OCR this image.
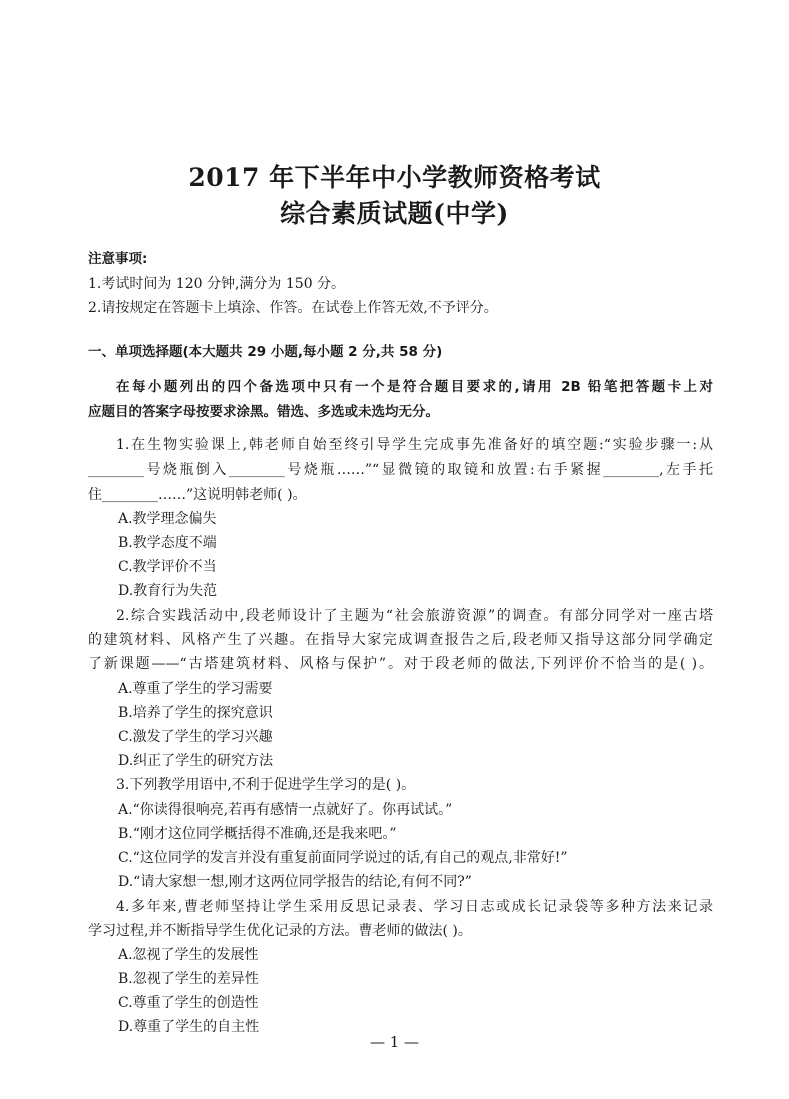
2017 年下半年中小学教师资格考试
综合素质试题(中学)
注意事项:
1.考试时间为 120 分钟,满分为 150 分。
2.请按规定在答题卡上填涂、作答。在试卷上作答无效,不予评分。
一、单项选择题(本大题共 29 小题,每小题 2 分,共 58 分)
在每小题列出的四个备选项中只有一个是符合题目要求的,请用 2B 铅笔把答题卡上对
应题目的答案字母按要求涂黑。错选、多选或未选均无分。
1.在生物实验课上,韩老师自始至终引导学生完成事先准备好的填空题:“实验步骤一:从
________号烧瓶倒入________号烧瓶……”“显微镜的取镜和放置:右手紧握________,左手托
住________……”这说明韩老师( )。
A.教学理念偏失
B.教学态度不端
C.教学评价不当
D.教育行为失范
2.综合实践活动中,段老师设计了主题为“社会旅游资源”的调查。有部分同学对一座古塔
的建筑材料、风格产生了兴趣。在指导大家完成调查报告之后,段老师又指导这部分同学确定
了新课题——“古塔建筑材料、风格与保护”。对于段老师的做法,下列评价不恰当的是( )。
A.尊重了学生的学习需要
B.培养了学生的探究意识
C.激发了学生的学习兴趣
D.纠正了学生的研究方法
3.下列教学用语中,不利于促进学生学习的是( )。
A.“你读得很响亮,若再有感情一点就好了。你再试试。”
B.“刚才这位同学概括得不准确,还是我来吧。”
C.“这位同学的发言并没有重复前面同学说过的话,有自己的观点,非常好!”
D.“请大家想一想,刚才这两位同学报告的结论,有何不同?”
4.多年来,曹老师坚持让学生采用反思记录表、学习日志或成长记录袋等多种方法来记录
学习过程,并不断指导学生优化记录的方法。曹老师的做法( )。
A.忽视了学生的发展性
B.忽视了学生的差异性
C.尊重了学生的创造性
D.尊重了学生的自主性
— 1 —
